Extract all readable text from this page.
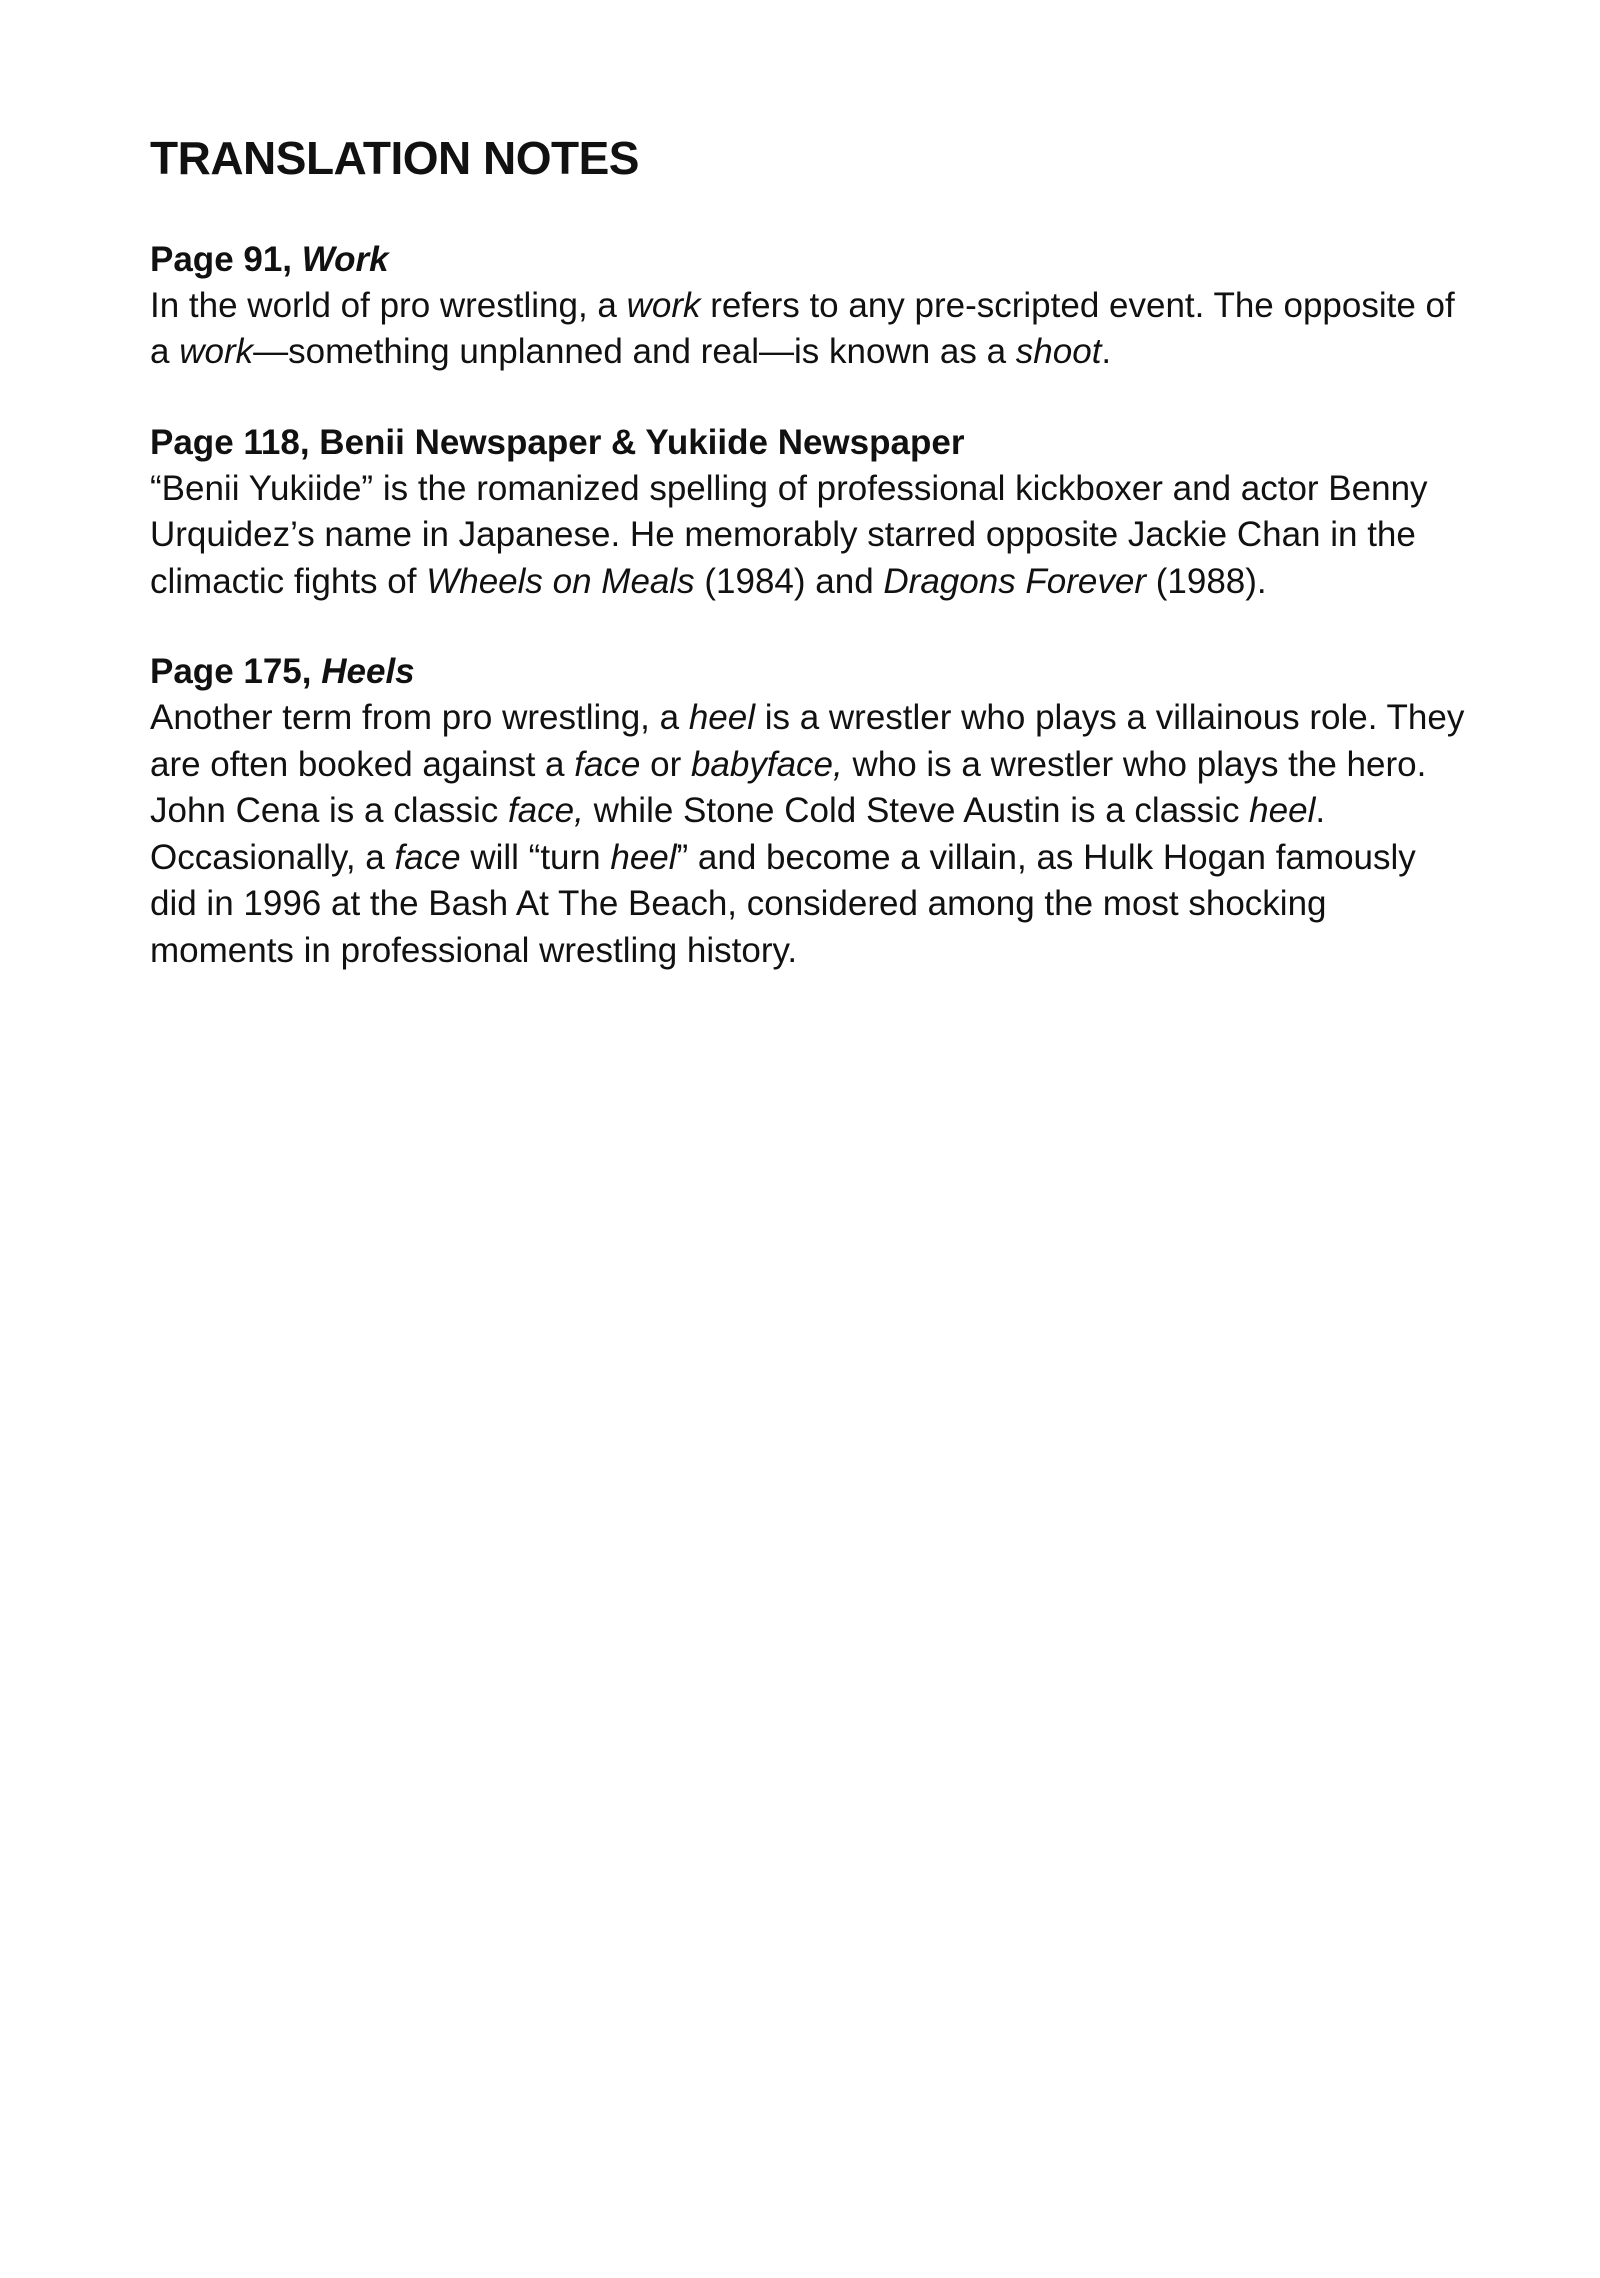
TRANSLATION NOTES

Page 91, Work

In the world of pro wrestling, a work refers to any pre-scripted event. The opposite of a work—something unplanned and real—is known as a shoot.

Page 118, Benii Newspaper & Yukiide Newspaper

“Benii Yukiide” is the romanized spelling of professional kickboxer and actor Benny Urquidez’s name in Japanese. He memorably starred opposite Jackie Chan in the climactic fights of Wheels on Meals (1984) and Dragons Forever (1988).

Page 175, Heels

Another term from pro wrestling, a heel is a wrestler who plays a villainous role. They are often booked against a face or babyface, who is a wrestler who plays the hero. John Cena is a classic face, while Stone Cold Steve Austin is a classic heel. Occasionally, a face will “turn heel” and become a villain, as Hulk Hogan famously did in 1996 at the Bash At The Beach, considered among the most shocking moments in professional wrestling history.
